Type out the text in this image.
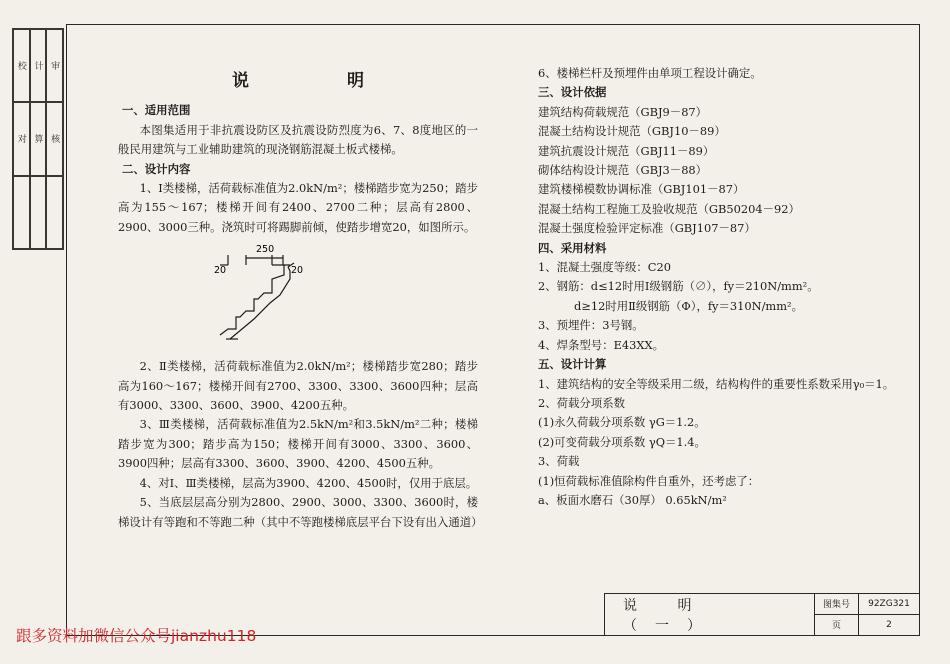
校 计 审
对 算 核
说 明
一、适用范围
本图集适用于非抗震设防区及抗震设防烈度为6、7、8度地区的一般民用建筑与工业辅助建筑的现浇钢筋混凝土板式楼梯。
二、设计内容
1、Ⅰ类楼梯，活荷载标准值为2.0kN/m²；楼梯踏步宽为250；踏步高为155～167；楼梯开间有2400、2700二种；层高有2800、2900、3000三种。浇筑时可将踢脚前倾，使踏步增宽20，如图所示。
250
20	20
2、Ⅱ类楼梯，活荷载标准值为2.0kN/m²；楼梯踏步宽280；踏步高为160～167；楼梯开间有2700、3300、3300、3600四种；层高有3000、3300、3600、3900、4200五种。
3、Ⅲ类楼梯，活荷载标准值为2.5kN/m²和3.5kN/m²二种；楼梯踏步宽为300；踏步高为150；楼梯开间有3000、3300、3600、3900四种；层高有3300、3600、3900、4200、4500五种。
4、对Ⅰ、Ⅲ类楼梯，层高为3900、4200、4500时，仅用于底层。
5、当底层层高分别为2800、2900、3000、3300、3600时，楼梯设计有等跑和不等跑二种（其中不等跑楼梯底层平台下设有出入通道）
6、楼梯栏杆及预埋件由单项工程设计确定。
三、设计依据
建筑结构荷载规范（GBJ9－87）
混凝土结构设计规范（GBJ10－89）
建筑抗震设计规范（GBJ11－89）
砌体结构设计规范（GBJ3－88）
建筑楼梯模数协调标准（GBJ101－87）
混凝土结构工程施工及验收规范（GB50204－92）
混凝土强度检验评定标准（GBJ107－87）
四、采用材料
1、混凝土强度等级：C20
2、钢筋：d≤12时用Ⅰ级钢筋（∅），fy＝210N/mm²。
d≥12时用Ⅱ级钢筋（Φ），fy＝310N/mm²。
3、预埋件：3号钢。
4、焊条型号：E43XX。
五、设计计算
1、建筑结构的安全等级采用二级，结构构件的重要性系数采用γ₀＝1。
2、荷载分项系数
(1)永久荷载分项系数 γG＝1.2。
(2)可变荷载分项系数 γQ＝1.4。
3、荷载
(1)恒荷载标准值除构件自重外，还考虑了：
a、板面水磨石（30厚） 0.65kN/m²
说 明 （一）
图集号	92ZG321
页	2
跟多资料加微信公众号jianzhu118
